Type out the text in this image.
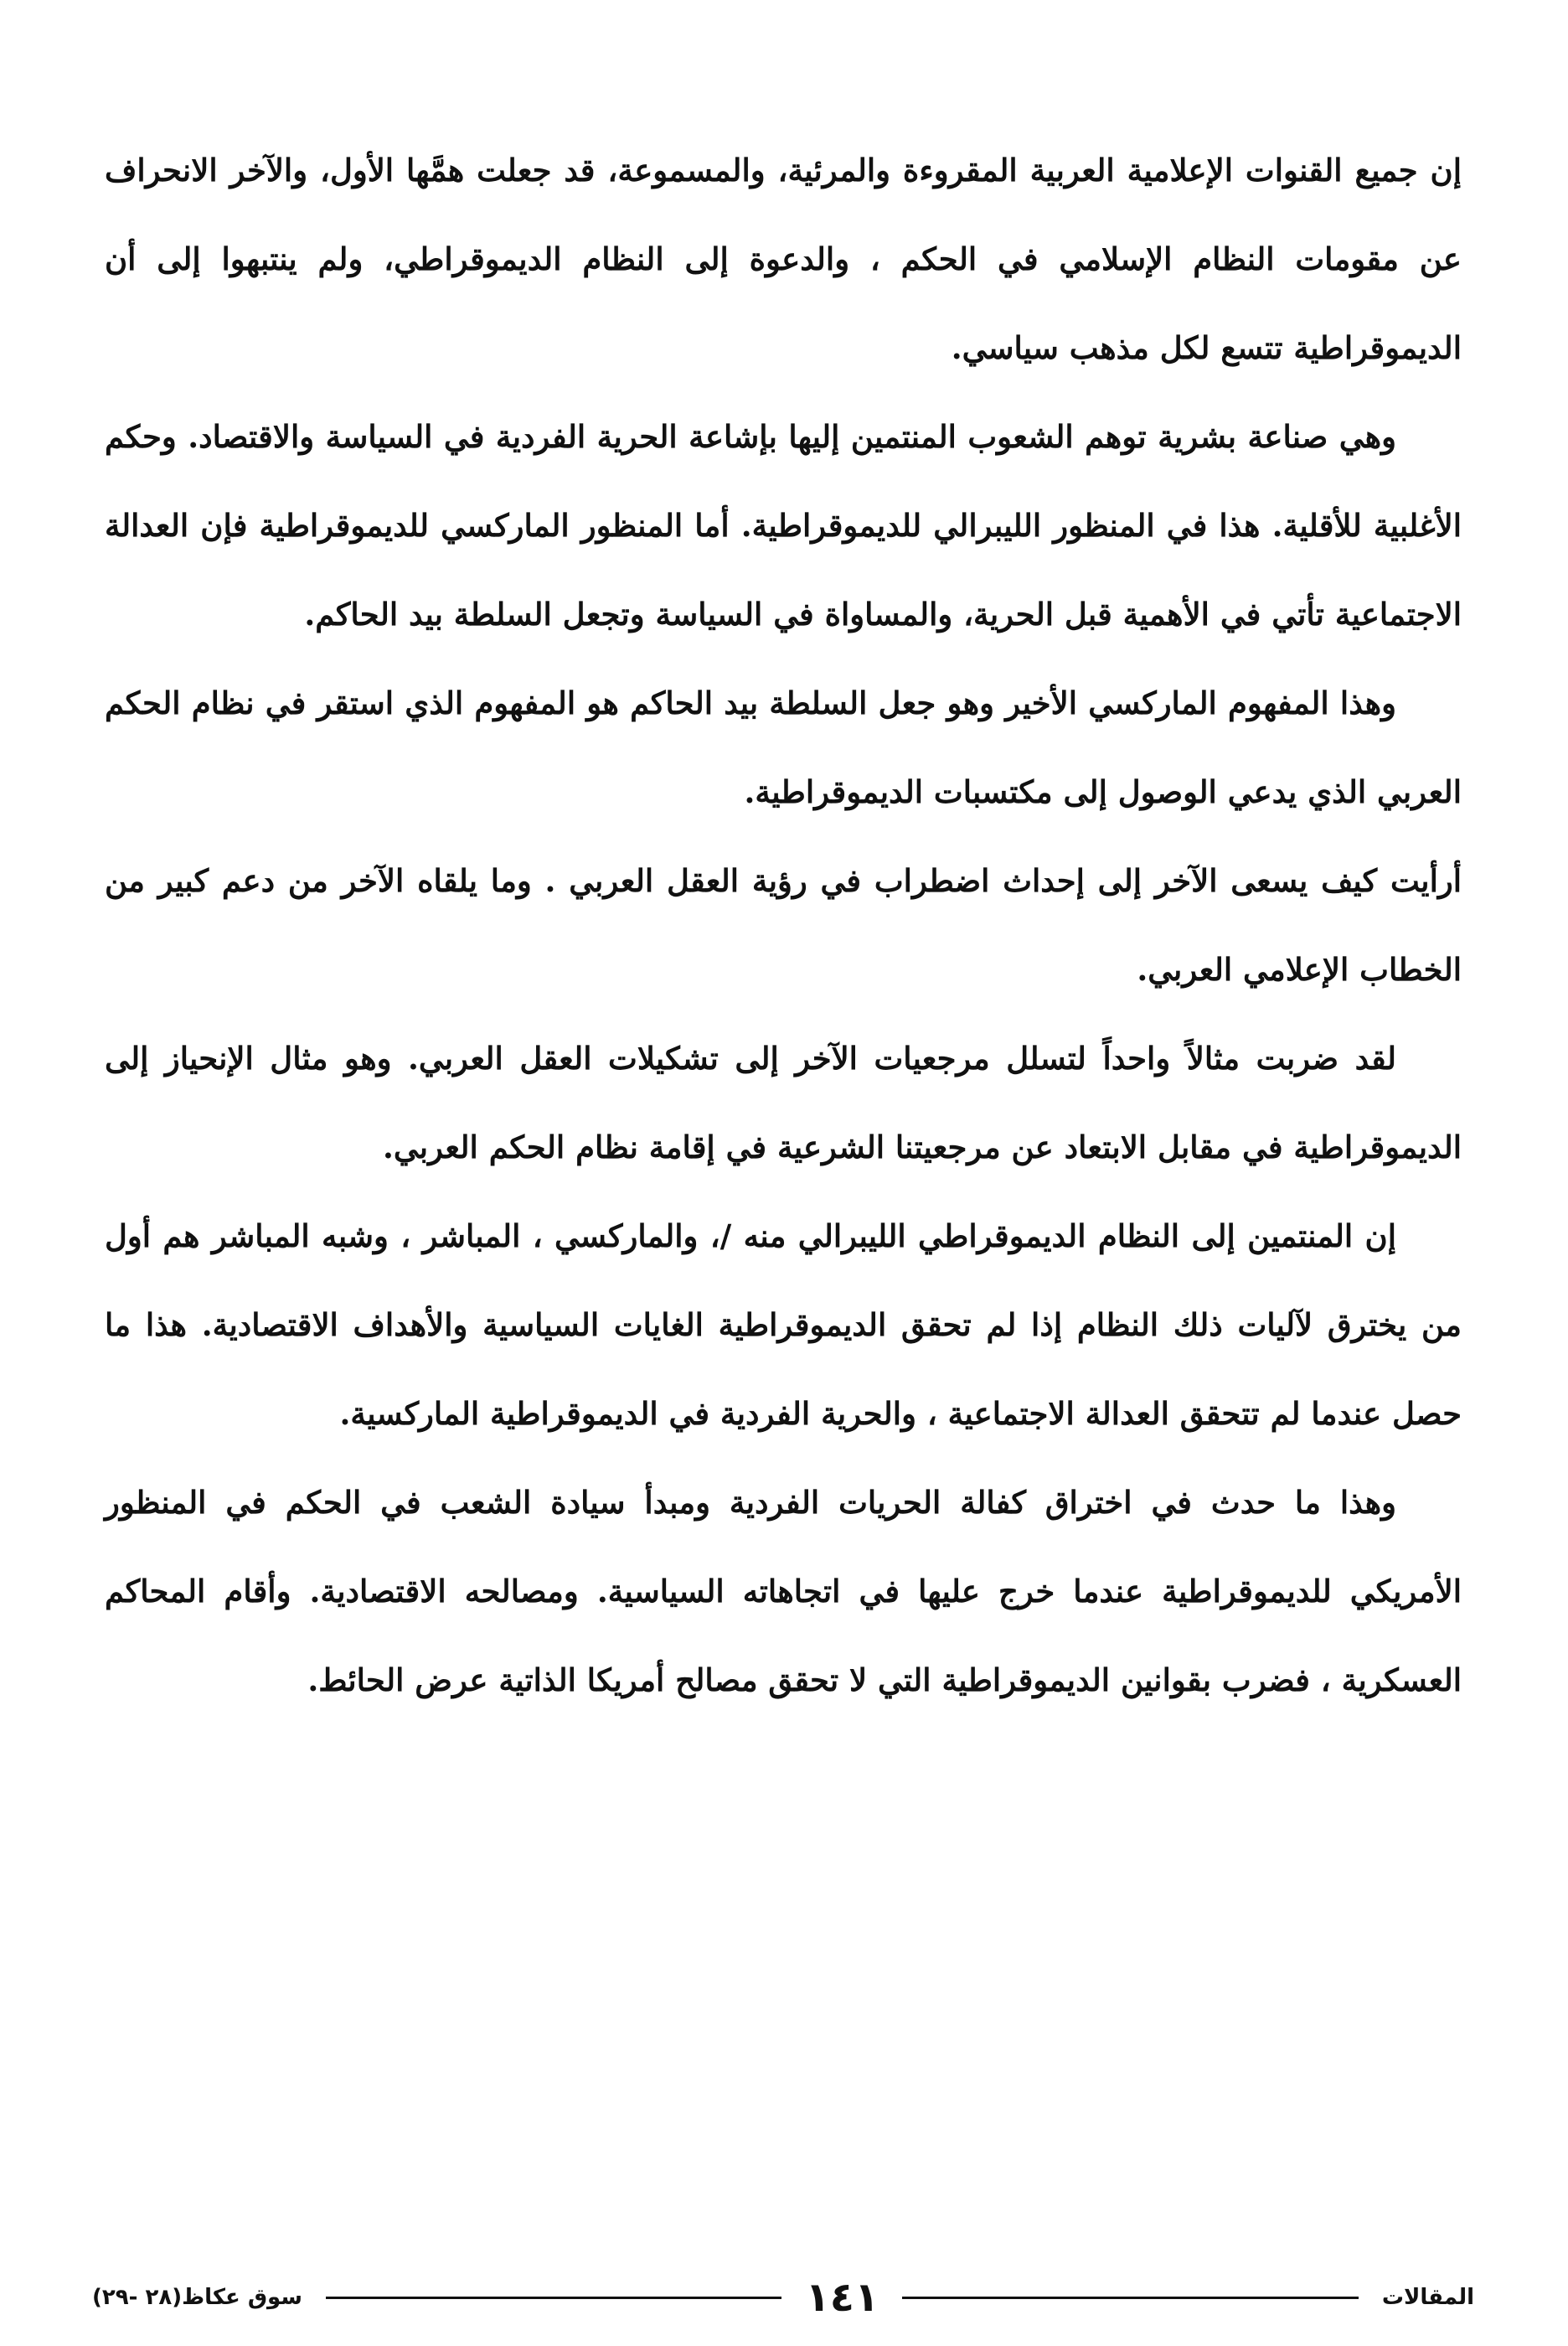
إن جميع القنوات الإعلامية العربية المقروءة والمرئية، والمسموعة، قد جعلت همَّها الأول، والآخر الانحراف عن مقومات النظام الإسلامي في الحكم ، والدعوة إلى النظام الديموقراطي، ولم ينتبهوا إلى أن الديموقراطية تتسع لكل مذهب سياسي.

وهي صناعة بشرية توهم الشعوب المنتمين إليها بإشاعة الحرية الفردية في السياسة والاقتصاد. وحكم الأغلبية للأقلية. هذا في المنظور الليبرالي للديموقراطية. أما المنظور الماركسي للديموقراطية فإن العدالة الاجتماعية تأتي في الأهمية قبل الحرية، والمساواة في السياسة وتجعل السلطة بيد الحاكم.

وهذا المفهوم الماركسي الأخير وهو جعل السلطة بيد الحاكم هو المفهوم الذي استقر في نظام الحكم العربي الذي يدعي الوصول إلى مكتسبات الديموقراطية.

أرأيت كيف يسعى الآخر إلى إحداث اضطراب في رؤية العقل العربي . وما يلقاه الآخر من دعم كبير من الخطاب الإعلامي العربي.

لقد ضربت مثالاً واحداً لتسلل مرجعيات الآخر إلى تشكيلات العقل العربي. وهو مثال الإنحياز إلى الديموقراطية في مقابل الابتعاد عن مرجعيتنا الشرعية في إقامة نظام الحكم العربي.

إن المنتمين إلى النظام الديموقراطي الليبرالي منه /، والماركسي ، المباشر ، وشبه المباشر هم أول من يخترق لآليات ذلك النظام إذا لم تحقق الديموقراطية الغايات السياسية والأهداف الاقتصادية. هذا ما حصل عندما لم تتحقق العدالة الاجتماعية ، والحرية الفردية في الديموقراطية الماركسية.

وهذا ما حدث في اختراق كفالة الحريات الفردية ومبدأ سيادة الشعب في الحكم في المنظور الأمريكي للديموقراطية عندما خرج عليها في اتجاهاته السياسية. ومصالحه الاقتصادية. وأقام المحاكم العسكرية ، فضرب بقوانين الديموقراطية التي لا تحقق مصالح أمريكا الذاتية عرض الحائط.

المقالات
١٤١
سوق عكاظ(٢٨ -٢٩)
